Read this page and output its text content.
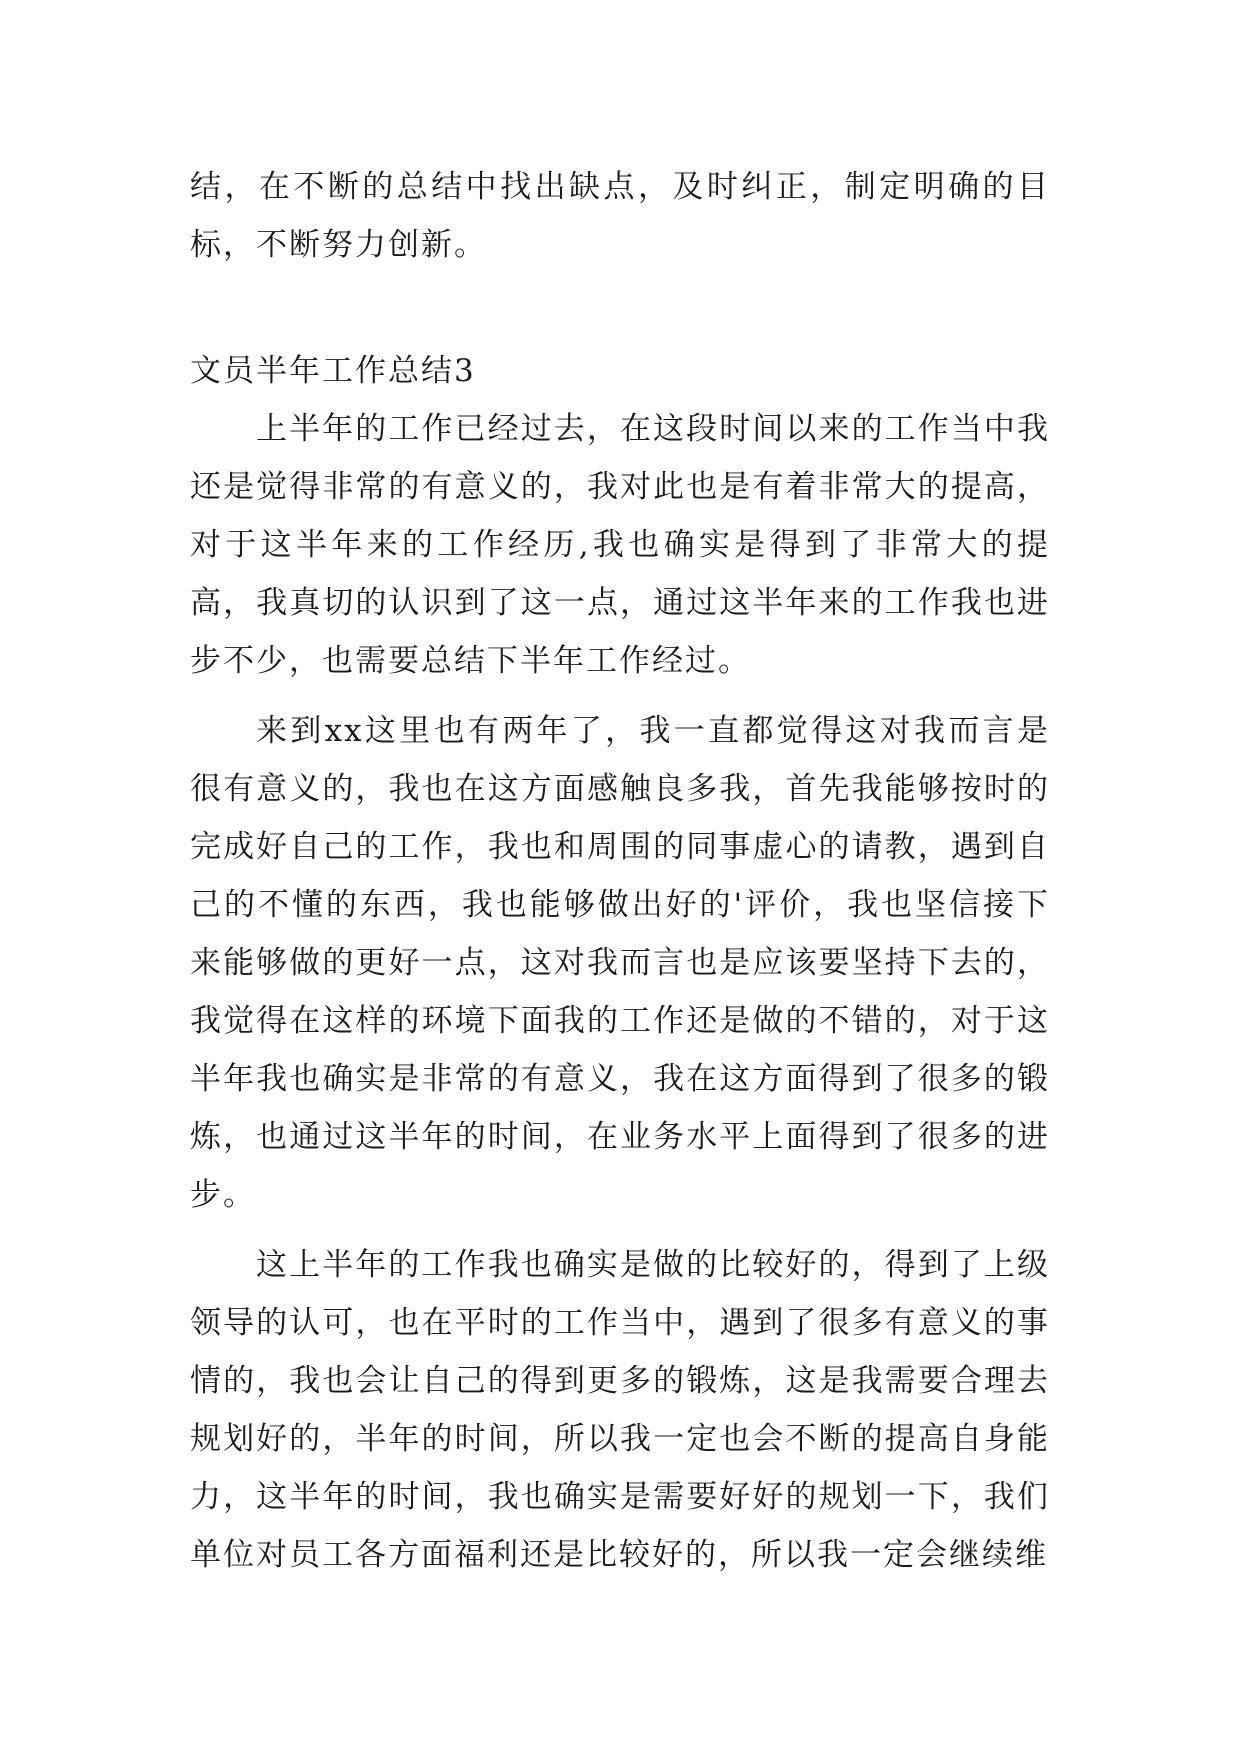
结，在不断的总结中找出缺点，及时纠正，制定明确的目标，不断努力创新。

文员半年工作总结3

上半年的工作已经过去，在这段时间以来的工作当中我还是觉得非常的有意义的，我对此也是有着非常大的提高，对于这半年来的工作经历,我也确实是得到了非常大的提高，我真切的认识到了这一点，通过这半年来的工作我也进步不少，也需要总结下半年工作经过。

来到xx这里也有两年了，我一直都觉得这对我而言是很有意义的，我也在这方面感触良多我，首先我能够按时的完成好自己的工作，我也和周围的同事虚心的请教，遇到自己的不懂的东西，我也能够做出好的'评价，我也坚信接下来能够做的更好一点，这对我而言也是应该要坚持下去的，我觉得在这样的环境下面我的工作还是做的不错的，对于这半年我也确实是非常的有意义，我在这方面得到了很多的锻炼，也通过这半年的时间，在业务水平上面得到了很多的进步。

这上半年的工作我也确实是做的比较好的，得到了上级领导的认可，也在平时的工作当中，遇到了很多有意义的事情的，我也会让自己的得到更多的锻炼，这是我需要合理去规划好的，半年的时间，所以我一定也会不断的提高自身能力，这半年的时间，我也确实是需要好好的规划一下，我们单位对员工各方面福利还是比较好的，所以我一定会继续维
